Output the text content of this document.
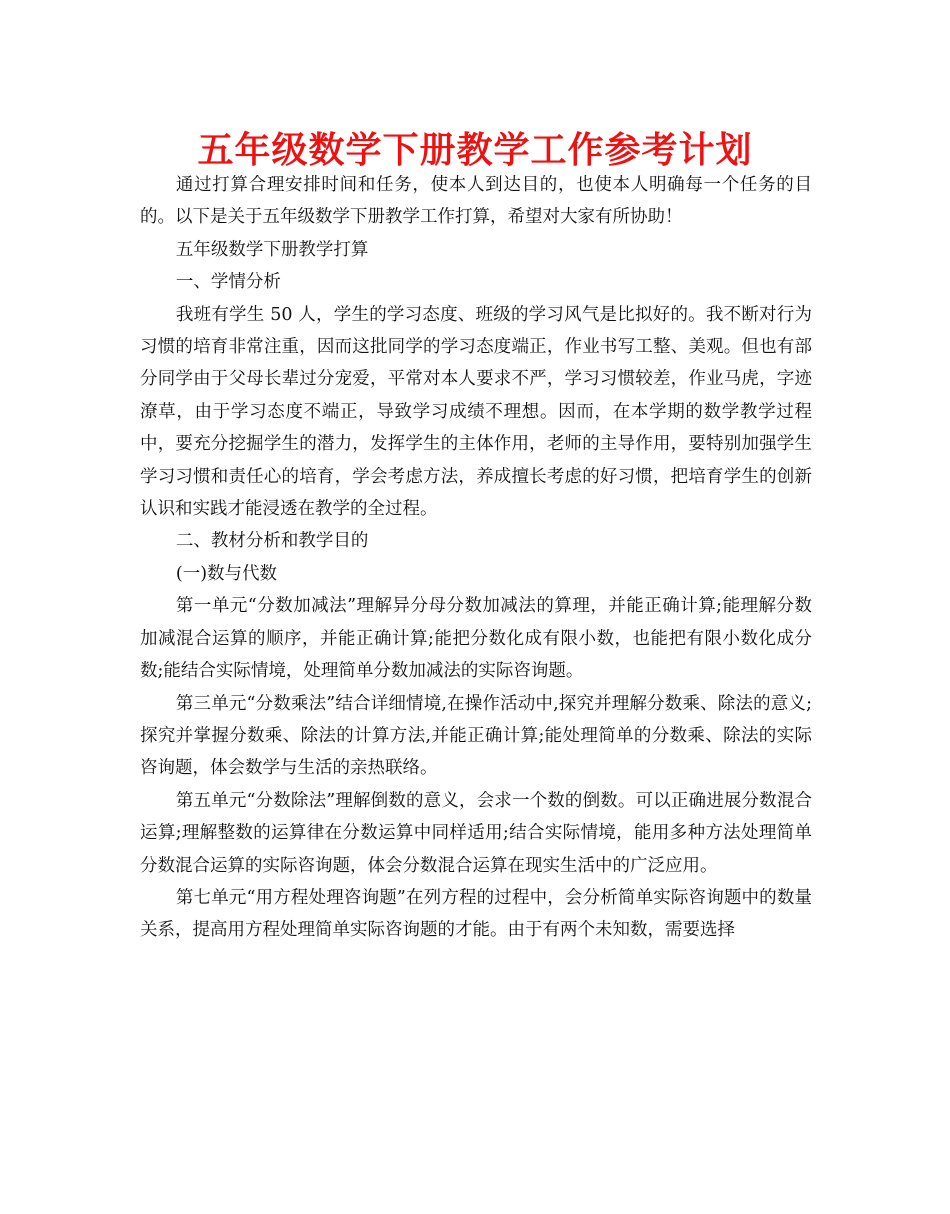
五年级数学下册教学工作参考计划

通过打算合理安排时间和任务，使本人到达目的，也使本人明确每一个任务的目的。以下是关于五年级数学下册教学工作打算，希望对大家有所协助！

五年级数学下册教学打算

一、学情分析

我班有学生 50 人，学生的学习态度、班级的学习风气是比拟好的。我不断对行为习惯的培育非常注重，因而这批同学的学习态度端正，作业书写工整、美观。但也有部分同学由于父母长辈过分宠爱，平常对本人要求不严，学习习惯较差，作业马虎，字迹潦草，由于学习态度不端正，导致学习成绩不理想。因而，在本学期的数学教学过程中，要充分挖掘学生的潜力，发挥学生的主体作用，老师的主导作用，要特别加强学生学习习惯和责任心的培育，学会考虑方法，养成擅长考虑的好习惯，把培育学生的创新认识和实践才能浸透在教学的全过程。

二、教材分析和教学目的

(一)数与代数

第一单元“分数加减法”理解异分母分数加减法的算理，并能正确计算;能理解分数加减混合运算的顺序，并能正确计算;能把分数化成有限小数，也能把有限小数化成分数;能结合实际情境，处理简单分数加减法的实际咨询题。

第三单元“分数乘法”结合详细情境,在操作活动中,探究并理解分数乘、除法的意义;探究并掌握分数乘、除法的计算方法,并能正确计算;能处理简单的分数乘、除法的实际咨询题，体会数学与生活的亲热联络。

第五单元“分数除法”理解倒数的意义，会求一个数的倒数。可以正确进展分数混合运算;理解整数的运算律在分数运算中同样适用;结合实际情境，能用多种方法处理简单分数混合运算的实际咨询题，体会分数混合运算在现实生活中的广泛应用。

第七单元“用方程处理咨询题”在列方程的过程中，会分析简单实际咨询题中的数量关系，提高用方程处理简单实际咨询题的才能。由于有两个未知数，需要选择
